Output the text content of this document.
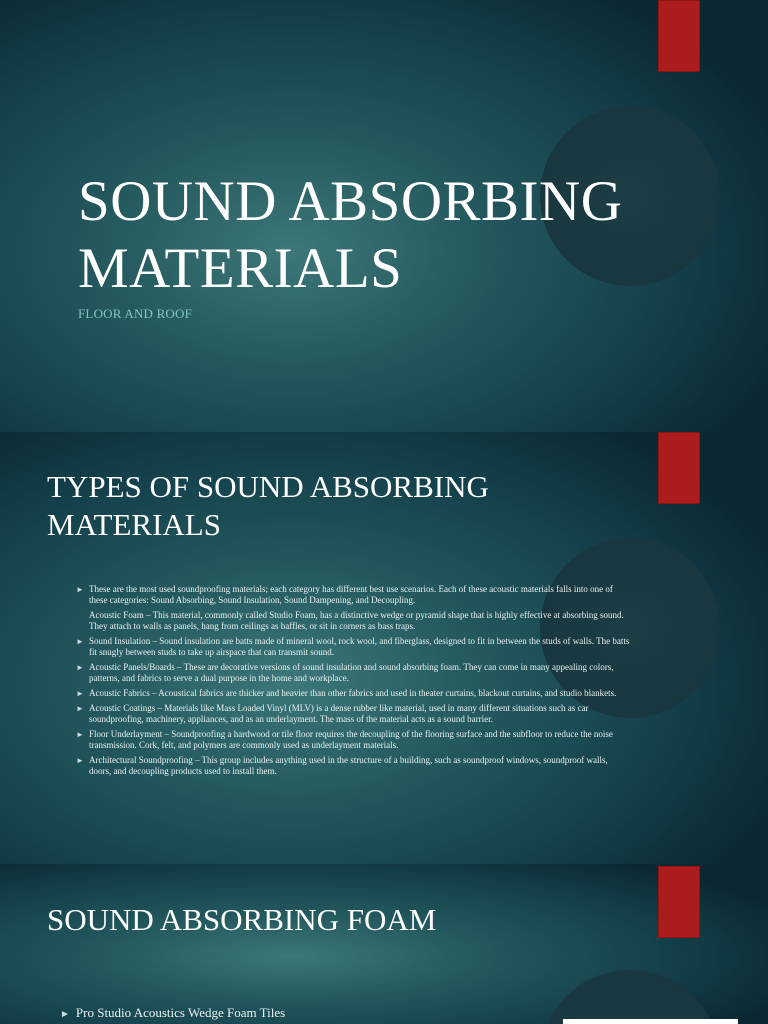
SOUND ABSORBING
MATERIALS
FLOOR AND ROOF
TYPES OF SOUND ABSORBING
MATERIALS
► These are the most used soundproofing materials; each category has different best use scenarios. Each of these acoustic materials falls into one of these categories: Sound Absorbing, Sound Insulation, Sound Dampening, and Decoupling.
Acoustic Foam – This material, commonly called Studio Foam, has a distinctive wedge or pyramid shape that is highly effective at absorbing sound. They attach to walls as panels, hang from ceilings as baffles, or sit in corners as bass traps.
► Sound Insulation – Sound insulation are batts made of mineral wool, rock wool, and fiberglass, designed to fit in between the studs of walls. The batts fit snugly between studs to take up airspace that can transmit sound.
► Acoustic Panels/Boards – These are decorative versions of sound insulation and sound absorbing foam. They can come in many appealing colors, patterns, and fabrics to serve a dual purpose in the home and workplace.
► Acoustic Fabrics – Acoustical fabrics are thicker and heavier than other fabrics and used in theater curtains, blackout curtains, and studio blankets.
► Acoustic Coatings – Materials like Mass Loaded Vinyl (MLV) is a dense rubber like material, used in many different situations such as car soundproofing, machinery, appliances, and as an underlayment. The mass of the material acts as a sound barrier.
► Floor Underlayment – Soundproofing a hardwood or tile floor requires the decoupling of the flooring surface and the subfloor to reduce the noise transmission. Cork, felt, and polymers are commonly used as underlayment materials.
► Architectural Soundproofing – This group includes anything used in the structure of a building, such as soundproof windows, soundproof walls, doors, and decoupling products used to install them.
SOUND ABSORBING FOAM
► Pro Studio Acoustics Wedge Foam Tiles
